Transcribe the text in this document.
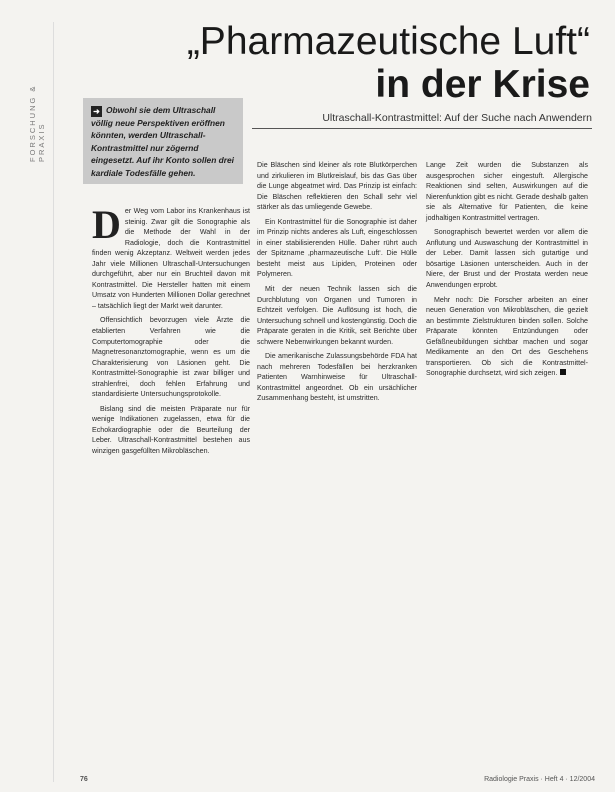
FORSCHUNG & PRAXIS
„Pharmazeutische Luft“
in der Krise
Ultraschall-Kontrastmittel: Auf der Suche nach Anwendern
➜ Obwohl sie dem Ultraschall völlig neue Perspektiven eröffnen könnten, werden Ultraschall-Kontrastmittel nur zögernd eingesetzt. Auf ihr Konto sollen drei kardiale Todesfälle gehen.

Der Weg vom Labor ins Krankenhaus ist steinig. Zwar gilt die Sonographie als die Methode der Wahl in der Radiologie, doch die Kontrastmittel finden wenig Akzeptanz. Weltweit werden jedes Jahr viele Millionen Ultraschall-Untersuchungen durchgeführt, aber nur ein Bruchteil davon mit Kontrastmittel. Die Hersteller hatten mit einem Umsatz von Hunderten Millionen Dollar gerechnet – tatsächlich liegt der Markt weit darunter.

Offensichtlich bevorzugen viele Ärzte die etablierten Verfahren wie die Computertomographie oder die Magnetresonanztomographie, wenn es um die Charakterisierung von Läsionen geht. Die Kontrastmittel-Sonographie ist zwar billiger und strahlenfrei, doch fehlen Erfahrung und standardisierte Untersuchungsprotokolle.

Bislang sind die meisten Präparate nur für wenige Indikationen zugelassen, etwa für die Echokardiographie oder die Beurteilung der Leber. Ultraschall-Kontrastmittel bestehen aus winzigen gasgefüllten Mikrobläschen.

Die Bläschen sind kleiner als rote Blutkörperchen und zirkulieren im Blutkreislauf, bis das Gas über die Lunge abgeatmet wird. Das Prinzip ist einfach: Die Bläschen reflektieren den Schall sehr viel stärker als das umliegende Gewebe.

Ein Kontrastmittel für die Sonographie ist daher im Prinzip nichts anderes als Luft, eingeschlossen in einer stabilisierenden Hülle. Daher rührt auch der Spitzname ‚pharmazeutische Luft‘. Die Hülle besteht meist aus Lipiden, Proteinen oder Polymeren.

Mit der neuen Technik lassen sich die Durchblutung von Organen und Tumoren in Echtzeit verfolgen. Die Auflösung ist hoch, die Untersuchung schnell und kostengünstig. Doch die Präparate geraten in die Kritik, seit Berichte über schwere Nebenwirkungen bekannt wurden.

Die amerikanische Zulassungsbehörde FDA hat nach mehreren Todesfällen bei herzkranken Patienten Warnhinweise für Ultraschall-Kontrastmittel angeordnet. Ob ein ursächlicher Zusammenhang besteht, ist umstritten.

Lange Zeit wurden die Substanzen als ausgesprochen sicher eingestuft. Allergische Reaktionen sind selten, Auswirkungen auf die Nierenfunktion gibt es nicht. Gerade deshalb galten sie als Alternative für Patienten, die keine jodhaltigen Kontrastmittel vertragen.

Sonographisch bewertet werden vor allem die Anflutung und Auswaschung der Kontrastmittel in der Leber. Damit lassen sich gutartige und bösartige Läsionen unterscheiden. Auch in der Niere, der Brust und der Prostata werden neue Anwendungen erprobt.

Mehr noch: Die Forscher arbeiten an einer neuen Generation von Mikrobläschen, die gezielt an bestimmte Zielstrukturen binden sollen. Solche Präparate könnten Entzündungen oder Gefäßneubildungen sichtbar machen und sogar Medikamente an den Ort des Geschehens transportieren. Ob sich die Kontrastmittel-Sonographie durchsetzt, wird sich zeigen.

76	Radiologie Praxis · Heft 4 · 12/2004
